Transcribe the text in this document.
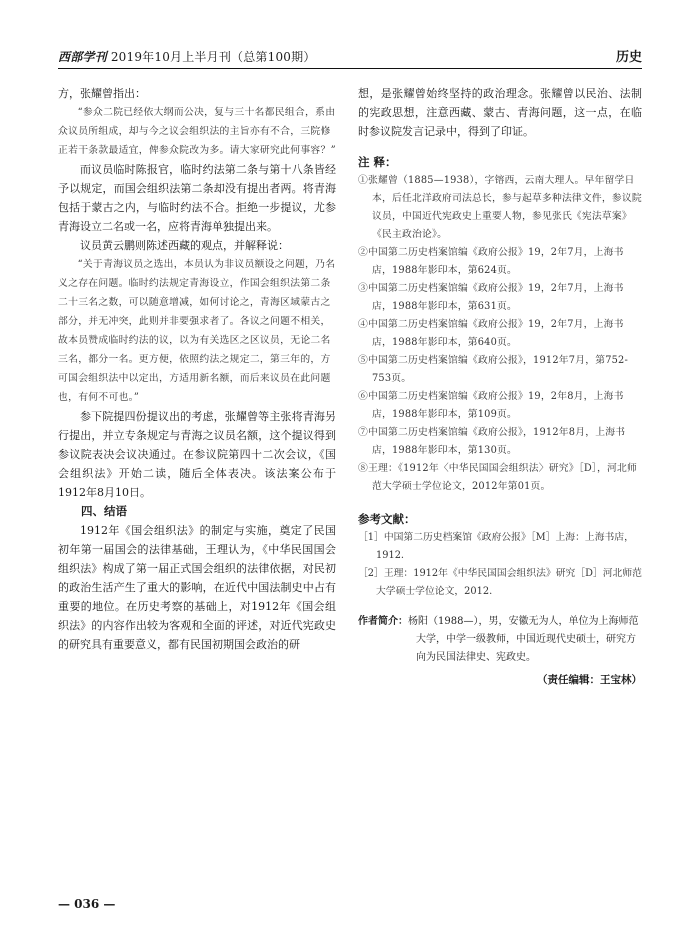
西部学刊 2019年10月上半月刊（总第100期）	历史

方，张耀曾指出：

“参众二院已经依大纲而公决，复与三十名都民组合，系由众议员所组成，却与今之议会组织法的主旨亦有不合，三院修正若干条款最适宜，俾参众院改为多。请大家研究此何事容？”

而议员临时陈报官，临时约法第二条与第十八条皆经予以规定，而国会组织法第二条却没有提出者两。将青海包括于蒙古之内，与临时约法不合。拒绝一步提议，尤参青海设立二名或一名，应将青海单独提出来。

议员黄云鹏则陈述西藏的观点，并解释说：

“关于青海议员之选出，本员认为非议员额设之问题，乃名义之存在问题。临时约法规定青海设立，作国会组织法第二条二十三名之数，可以随意增减，如何讨论之，青海区域蒙古之部分，并无冲突，此则并非要强求者了。各议之问题不相关，故本员赞成临时约法的议，以为有关选区之区议员，无论二名三名，都分一名。更方便，依照约法之规定二，第三年的，方可国会组织法中以定出，方适用新名额，而后来议员在此问题也，有何不可也。”

参下院提四份提议出的考虑，张耀曾等主张将青海另行提出，并立专条规定与青海之议员名额，这个提议得到参议院表决会议决通过。在参议院第四十二次会议，《国会组织法》开始二读，随后全体表决。该法案公布于1912年8月10日。

四、结语

1912年《国会组织法》的制定与实施，奠定了民国初年第一届国会的法律基础，王理认为，《中华民国国会组织法》构成了第一届正式国会组织的法律依据，对民初的政治生活产生了重大的影响，在近代中国法制史中占有重要的地位。在历史考察的基础上，对1912年《国会组织法》的内容作出较为客观和全面的评述，对近代宪政史的研究具有重要意义，都有民国初期国会政治的研

想，是张耀曾始终坚持的政治理念。张耀曾以民治、法制的宪政思想，注意西藏、蒙古、青海问题，这一点，在临时参议院发言记录中，得到了印证。

注 释：

①张耀曾（1885—1938），字镕西，云南大理人。早年留学日本，后任北洋政府司法总长，参与起草多种法律文件，参议院议员，中国近代宪政史上重要人物，参见张氏《宪法草案》《民主政治论》。
②中国第二历史档案馆编《政府公报》19，2年7月，上海书店，1988年影印本，第624页。
③中国第二历史档案馆编《政府公报》19，2年7月，上海书店，1988年影印本，第631页。
④中国第二历史档案馆编《政府公报》19，2年7月，上海书店，1988年影印本，第640页。
⑤中国第二历史档案馆编《政府公报》，1912年7月，第752-753页。
⑥中国第二历史档案馆编《政府公报》19，2年8月，上海书店，1988年影印本，第109页。
⑦中国第二历史档案馆编《政府公报》，1912年8月，上海书店，1988年影印本，第130页。
⑧王理：《1912年〈中华民国国会组织法〉研究》［D］，河北师范大学硕士学位论文，2012年第01页。

参考文献：

［1］中国第二历史档案馆《政府公报》［M］上海：上海书店，1912.
［2］王理：1912年《中华民国国会组织法》研究［D］河北师范大学硕士学位论文，2012.
作者简介：杨阳（1988—），男，安徽无为人，单位为上海师范大学，中学一级教师，中国近现代史硕士，研究方向为民国法律史、宪政史。
（责任编辑：王宝林）
— 036 —
